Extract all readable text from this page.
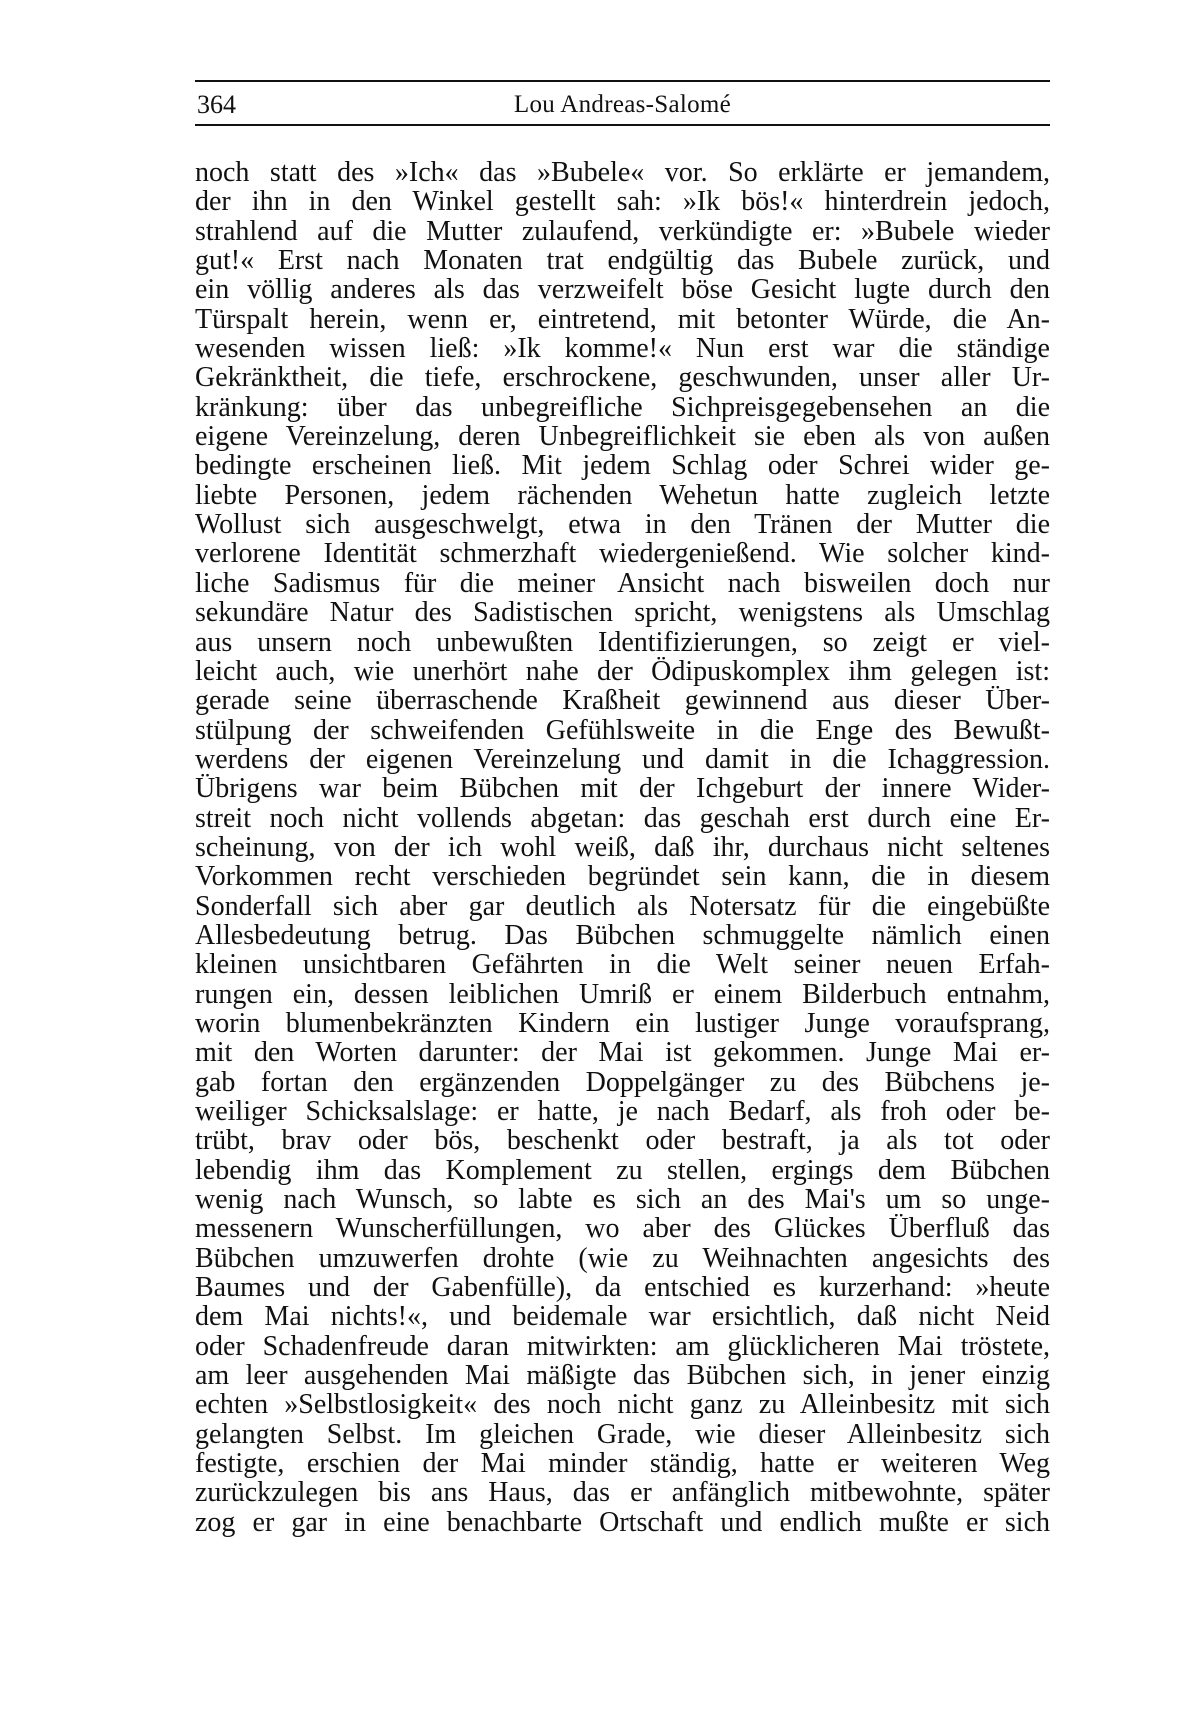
364	Lou Andreas-Salomé
noch statt des »Ich« das »Bubele« vor. So erklärte er jemandem,
der ihn in den Winkel gestellt sah: »Ik bös!« hinterdrein jedoch,
strahlend auf die Mutter zulaufend, verkündigte er: »Bubele wieder
gut!« Erst nach Monaten trat endgültig das Bubele zurück, und
ein völlig anderes als das verzweifelt böse Gesicht lugte durch den
Türspalt herein, wenn er, eintretend, mit betonter Würde, die An-
wesenden wissen ließ: »Ik komme!« Nun erst war die ständige
Gekränktheit, die tiefe, erschrockene, geschwunden, unser aller Ur-
kränkung: über das unbegreifliche Sichpreisgegebensehen an die
eigene Vereinzelung, deren Unbegreiflichkeit sie eben als von außen
bedingte erscheinen ließ. Mit jedem Schlag oder Schrei wider ge-
liebte Personen, jedem rächenden Wehetun hatte zugleich letzte
Wollust sich ausgeschwelgt, etwa in den Tränen der Mutter die
verlorene Identität schmerzhaft wiedergenießend. Wie solcher kind-
liche Sadismus für die meiner Ansicht nach bisweilen doch nur
sekundäre Natur des Sadistischen spricht, wenigstens als Umschlag
aus unsern noch unbewußten Identifizierungen, so zeigt er viel-
leicht auch, wie unerhört nahe der Ödipuskomplex ihm gelegen ist:
gerade seine überraschende Kraßheit gewinnend aus dieser Über-
stülpung der schweifenden Gefühlsweite in die Enge des Bewußt-
werdens der eigenen Vereinzelung und damit in die Ichaggression.
Übrigens war beim Bübchen mit der Ichgeburt der innere Wider-
streit noch nicht vollends abgetan: das geschah erst durch eine Er-
scheinung, von der ich wohl weiß, daß ihr, durchaus nicht seltenes
Vorkommen recht verschieden begründet sein kann, die in diesem
Sonderfall sich aber gar deutlich als Notersatz für die eingebüßte
Allesbedeutung betrug. Das Bübchen schmuggelte nämlich einen
kleinen unsichtbaren Gefährten in die Welt seiner neuen Erfah-
rungen ein, dessen leiblichen Umriß er einem Bilderbuch entnahm,
worin blumenbekränzten Kindern ein lustiger Junge voraufsprang,
mit den Worten darunter: der Mai ist gekommen. Junge Mai er-
gab fortan den ergänzenden Doppelgänger zu des Bübchens je-
weiliger Schicksalslage: er hatte, je nach Bedarf, als froh oder be-
trübt, brav oder bös, beschenkt oder bestraft, ja als tot oder
lebendig ihm das Komplement zu stellen, ergings dem Bübchen
wenig nach Wunsch, so labte es sich an des Mai's um so unge-
messenern Wunscherfüllungen, wo aber des Glückes Überfluß das
Bübchen umzuwerfen drohte (wie zu Weihnachten angesichts des
Baumes und der Gabenfülle), da entschied es kurzerhand: »heute
dem Mai nichts!«, und beidemale war ersichtlich, daß nicht Neid
oder Schadenfreude daran mitwirkten: am glücklicheren Mai tröstete,
am leer ausgehenden Mai mäßigte das Bübchen sich, in jener einzig
echten »Selbstlosigkeit« des noch nicht ganz zu Alleinbesitz mit sich
gelangten Selbst. Im gleichen Grade, wie dieser Alleinbesitz sich
festigte, erschien der Mai minder ständig, hatte er weiteren Weg
zurückzulegen bis ans Haus, das er anfänglich mitbewohnte, später
zog er gar in eine benachbarte Ortschaft und endlich mußte er sich
